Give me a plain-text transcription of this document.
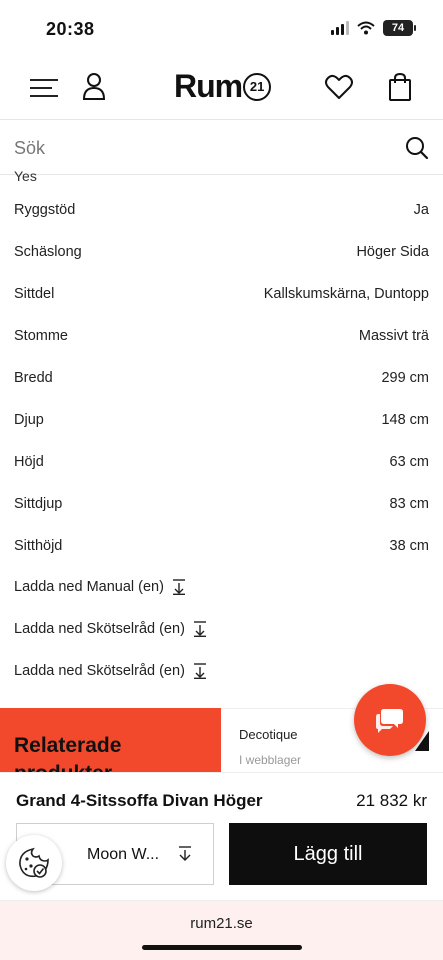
20:38	74
Rum 21
Sök
Yes
Ryggstöd	Ja
Schäslong	Höger Sida
Sittdel	Kallskumskärna, Duntopp
Stomme	Massivt trä
Bredd	299 cm
Djup	148 cm
Höjd	63 cm
Sittdjup	83 cm
Sitthöjd	38 cm
Ladda ned Manual (en)
Ladda ned Skötselråd (en)
Ladda ned Skötselråd (en)
Relaterade	Decotique
I webblager
Grand 4-Sitssoffa Divan Höger	21 832 kr
Moon W...	Lägg till
rum21.se
